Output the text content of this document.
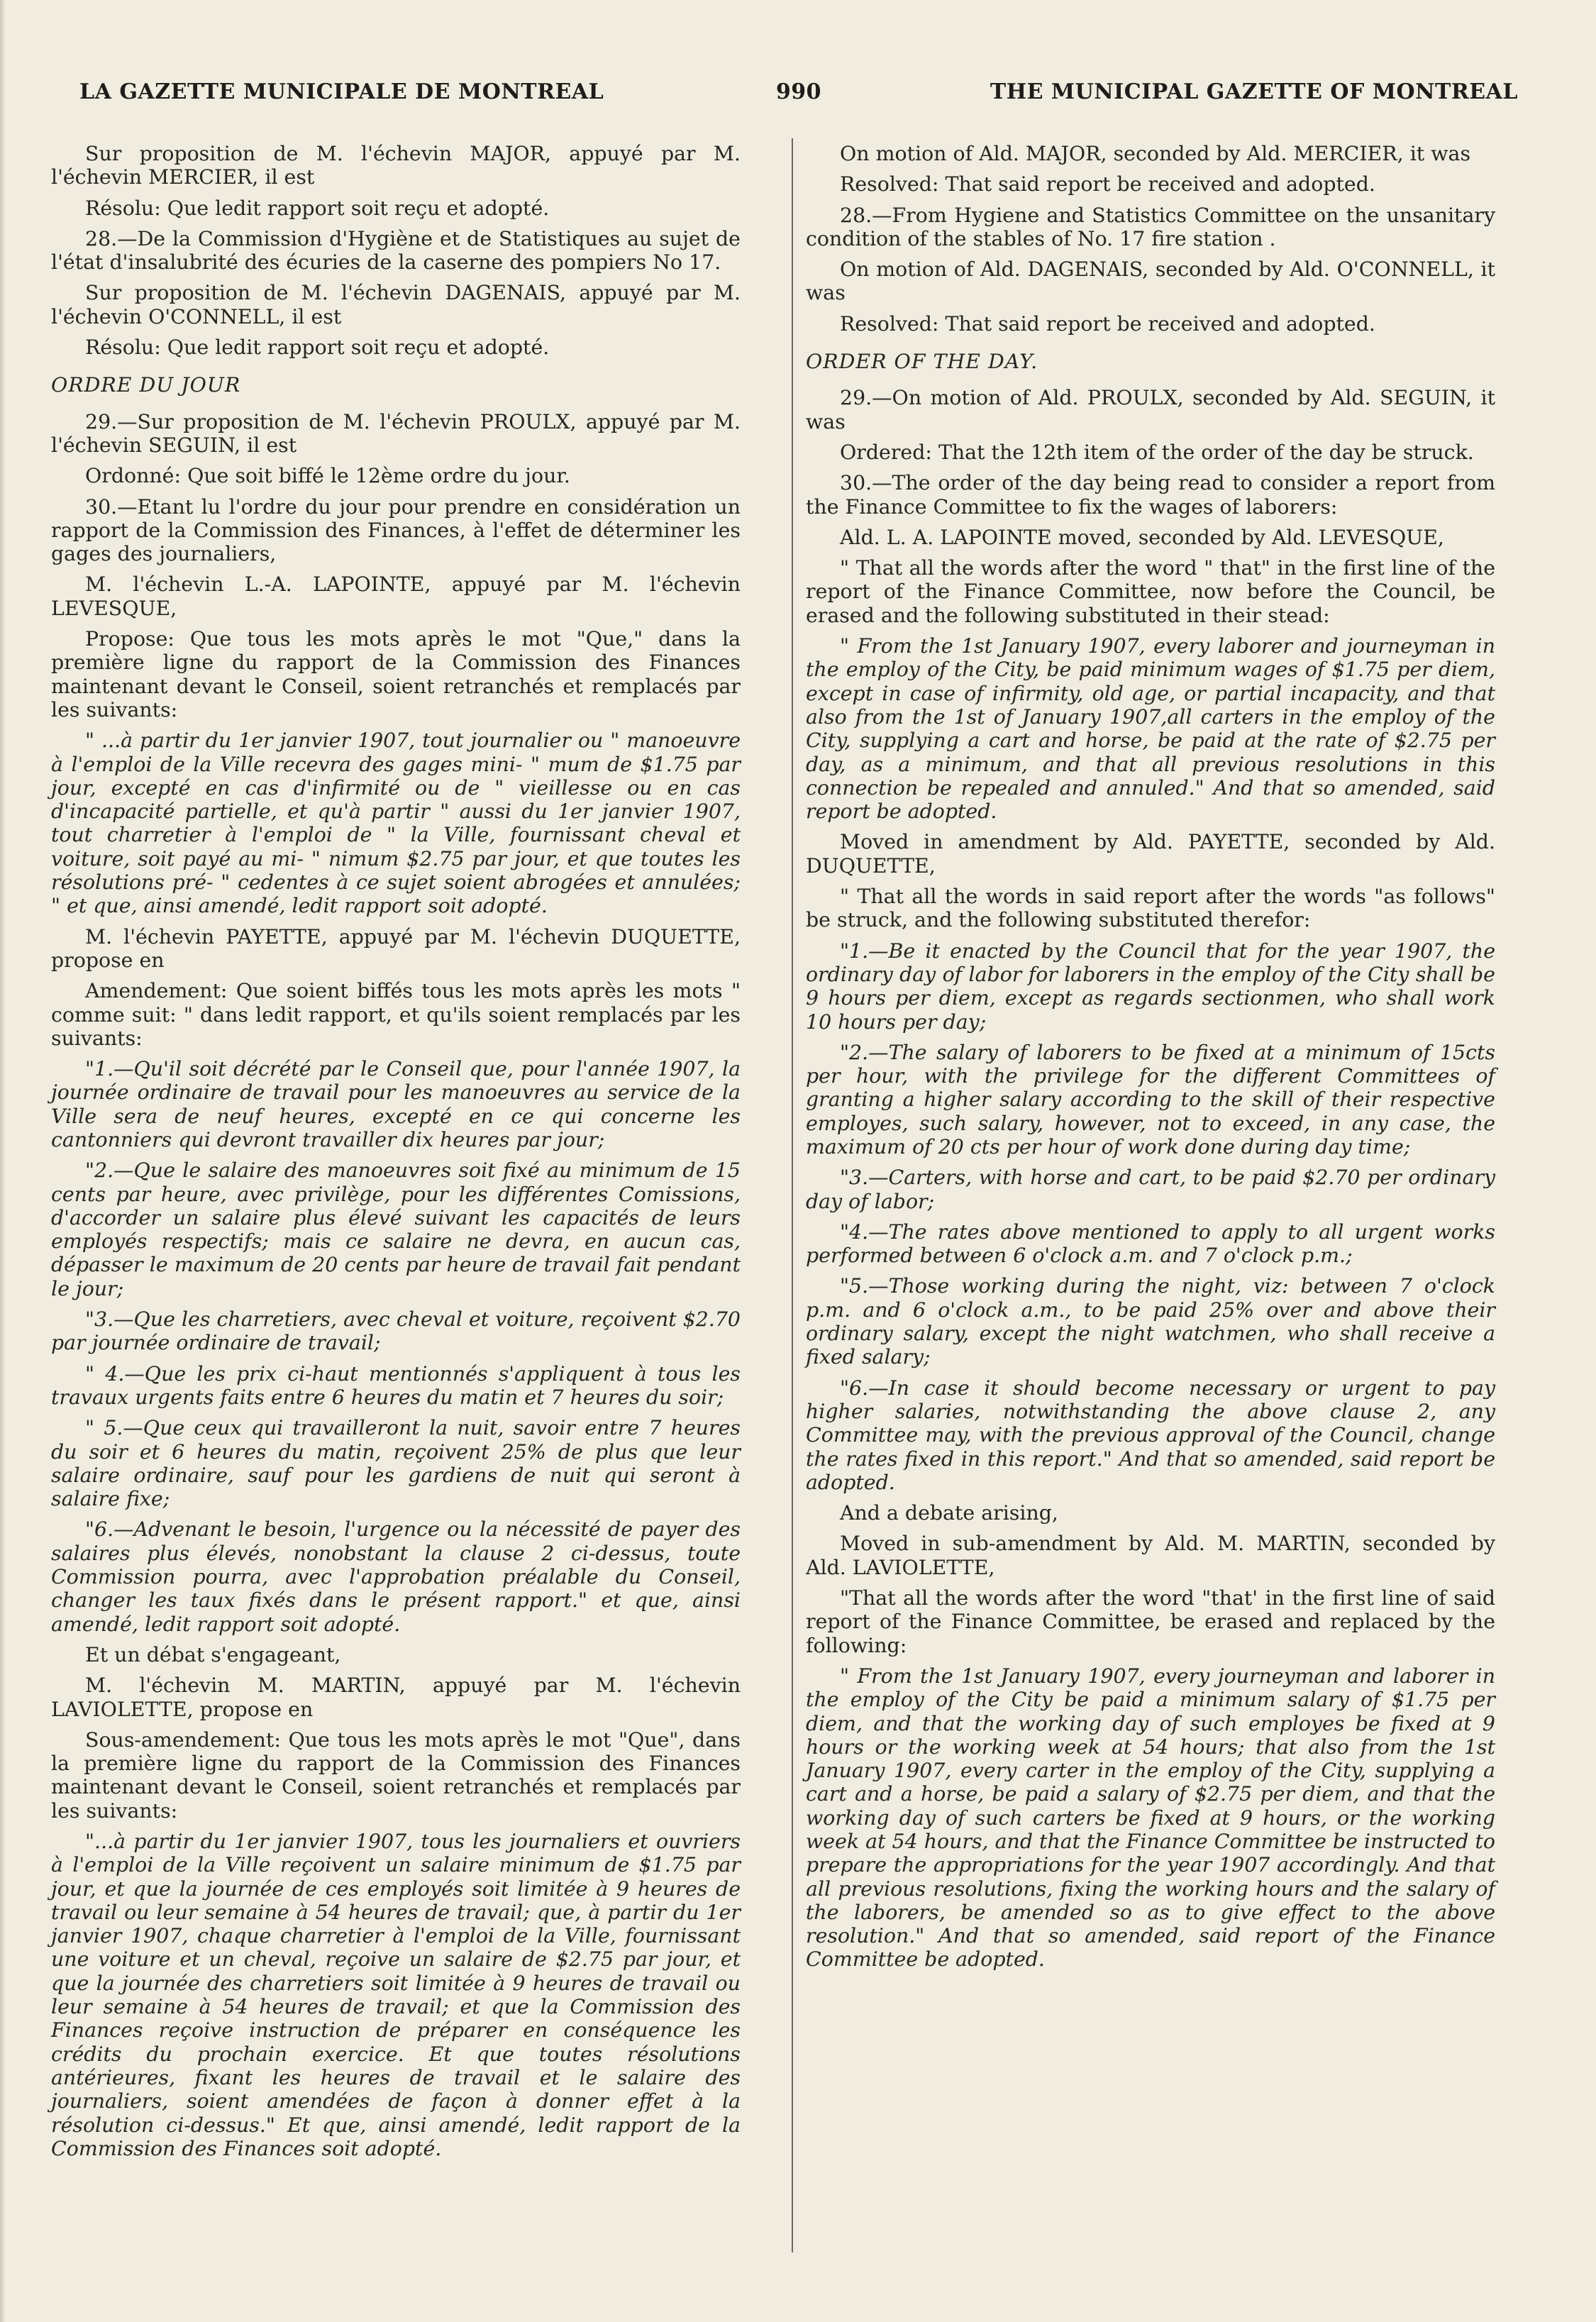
LA GAZETTE MUNICIPALE DE MONTREAL	990	THE MUNICIPAL GAZETTE OF MONTREAL

Sur proposition de M. l'échevin MAJOR, appuyé par M. l'échevin MERCIER, il est

Résolu: Que ledit rapport soit reçu et adopté.

28.—De la Commission d'Hygiène et de Statistiques au sujet de l'état d'insalubrité des écuries de la caserne des pompiers No 17.

Sur proposition de M. l'échevin DAGENAIS, appuyé par M. l'échevin O'CONNELL, il est

Résolu: Que ledit rapport soit reçu et adopté.

ORDRE DU JOUR

29.—Sur proposition de M. l'échevin PROULX, appuyé par M. l'échevin SEGUIN, il est

Ordonné: Que soit biffé le 12ème ordre du jour.

30.—Etant lu l'ordre du jour pour prendre en considération un rapport de la Commission des Finances, à l'effet de déterminer les gages des journaliers,

M. l'échevin L.-A. LAPOINTE, appuyé par M. l'échevin LEVESQUE,

Propose: Que tous les mots après le mot "Que," dans la première ligne du rapport de la Commission des Finances maintenant devant le Conseil, soient retranchés et remplacés par les suivants:

" ...à partir du 1er janvier 1907, tout journalier ou " manoeuvre à l'emploi de la Ville recevra des gages mini- " mum de $1.75 par jour, excepté en cas d'infirmité ou de " vieillesse ou en cas d'incapacité partielle, et qu'à partir " aussi du 1er janvier 1907, tout charretier à l'emploi de " la Ville, fournissant cheval et voiture, soit payé au mi- " nimum $2.75 par jour, et que toutes les résolutions pré- " cedentes à ce sujet soient abrogées et annulées; " et que, ainsi amendé, ledit rapport soit adopté.

M. l'échevin PAYETTE, appuyé par M. l'échevin DUQUETTE, propose en

Amendement: Que soient biffés tous les mots après les mots " comme suit: " dans ledit rapport, et qu'ils soient remplacés par les suivants:

"1.—Qu'il soit décrété par le Conseil que, pour l'année 1907, la journée ordinaire de travail pour les manoeuvres au service de la Ville sera de neuf heures, excepté en ce qui concerne les cantonniers qui devront travailler dix heures par jour;

"2.—Que le salaire des manoeuvres soit fixé au minimum de 15 cents par heure, avec privilège, pour les différentes Comissions, d'accorder un salaire plus élevé suivant les capacités de leurs employés respectifs; mais ce salaire ne devra, en aucun cas, dépasser le maximum de 20 cents par heure de travail fait pendant le jour;

"3.—Que les charretiers, avec cheval et voiture, reçoivent $2.70 par journée ordinaire de travail;

" 4.—Que les prix ci-haut mentionnés s'appliquent à tous les travaux urgents faits entre 6 heures du matin et 7 heures du soir;

" 5.—Que ceux qui travailleront la nuit, savoir entre 7 heures du soir et 6 heures du matin, reçoivent 25% de plus que leur salaire ordinaire, sauf pour les gardiens de nuit qui seront à salaire fixe;

"6.—Advenant le besoin, l'urgence ou la nécessité de payer des salaires plus élevés, nonobstant la clause 2 ci-dessus, toute Commission pourra, avec l'approbation préalable du Conseil, changer les taux fixés dans le présent rapport." et que, ainsi amendé, ledit rapport soit adopté.

Et un débat s'engageant,

M. l'échevin M. MARTIN, appuyé par M. l'échevin LAVIOLETTE, propose en

Sous-amendement: Que tous les mots après le mot "Que", dans la première ligne du rapport de la Commission des Finances maintenant devant le Conseil, soient retranchés et remplacés par les suivants:

"...à partir du 1er janvier 1907, tous les journaliers et ouvriers à l'emploi de la Ville reçoivent un salaire minimum de $1.75 par jour, et que la journée de ces employés soit limitée à 9 heures de travail ou leur semaine à 54 heures de travail; que, à partir du 1er janvier 1907, chaque charretier à l'emploi de la Ville, fournissant une voiture et un cheval, reçoive un salaire de $2.75 par jour, et que la journée des charretiers soit limitée à 9 heures de travail ou leur semaine à 54 heures de travail; et que la Commission des Finances reçoive instruction de préparer en conséquence les crédits du prochain exercice. Et que toutes résolutions antérieures, fixant les heures de travail et le salaire des journaliers, soient amendées de façon à donner effet à la résolution ci-dessus." Et que, ainsi amendé, ledit rapport de la Commission des Finances soit adopté.

On motion of Ald. MAJOR, seconded by Ald. MERCIER, it was

Resolved: That said report be received and adopted.

28.—From Hygiene and Statistics Committee on the unsanitary condition of the stables of No. 17 fire station .

On motion of Ald. DAGENAIS, seconded by Ald. O'CONNELL, it was

Resolved: That said report be received and adopted.

ORDER OF THE DAY.

29.—On motion of Ald. PROULX, seconded by Ald. SEGUIN, it was

Ordered: That the 12th item of the order of the day be struck.

30.—The order of the day being read to consider a report from the Finance Committee to fix the wages of laborers:

Ald. L. A. LAPOINTE moved, seconded by Ald. LEVESQUE,

" That all the words after the word " that" in the first line of the report of the Finance Committee, now before the Council, be erased and the following substituted in their stead:

" From the 1st January 1907, every laborer and journeyman in the employ of the City, be paid minimum wages of $1.75 per diem, except in case of infirmity, old age, or partial incapacity, and that also from the 1st of January 1907,all carters in the employ of the City, supplying a cart and horse, be paid at the rate of $2.75 per day, as a minimum, and that all previous resolutions in this connection be repealed and annuled." And that so amended, said report be adopted.

Moved in amendment by Ald. PAYETTE, seconded by Ald. DUQUETTE,

" That all the words in said report after the words "as follows" be struck, and the following substituted therefor:

"1.—Be it enacted by the Council that for the year 1907, the ordinary day of labor for laborers in the employ of the City shall be 9 hours per diem, except as regards sectionmen, who shall work 10 hours per day;

"2.—The salary of laborers to be fixed at a minimum of 15cts per hour, with the privilege for the different Committees of granting a higher salary according to the skill of their respective employes, such salary, however, not to exceed, in any case, the maximum of 20 cts per hour of work done during day time;

"3.—Carters, with horse and cart, to be paid $2.70 per ordinary day of labor;

"4.—The rates above mentioned to apply to all urgent works performed between 6 o'clock a.m. and 7 o'clock p.m.;

"5.—Those working during the night, viz: between 7 o'clock p.m. and 6 o'clock a.m., to be paid 25% over and above their ordinary salary, except the night watchmen, who shall receive a fixed salary;

"6.—In case it should become necessary or urgent to pay higher salaries, notwithstanding the above clause 2, any Committee may, with the previous approval of the Council, change the rates fixed in this report." And that so amended, said report be adopted.

And a debate arising,

Moved in sub-amendment by Ald. M. MARTIN, seconded by Ald. LAVIOLETTE,

"That all the words after the word "that' in the first line of said report of the Finance Committee, be erased and replaced by the following:

" From the 1st January 1907, every journeyman and laborer in the employ of the City be paid a minimum salary of $1.75 per diem, and that the working day of such employes be fixed at 9 hours or the working week at 54 hours; that also from the 1st January 1907, every carter in the employ of the City, supplying a cart and a horse, be paid a salary of $2.75 per diem, and that the working day of such carters be fixed at 9 hours, or the working week at 54 hours, and that the Finance Committee be instructed to prepare the appropriations for the year 1907 accordingly. And that all previous resolutions, fixing the working hours and the salary of the laborers, be amended so as to give effect to the above resolution." And that so amended, said report of the Finance Committee be adopted.
